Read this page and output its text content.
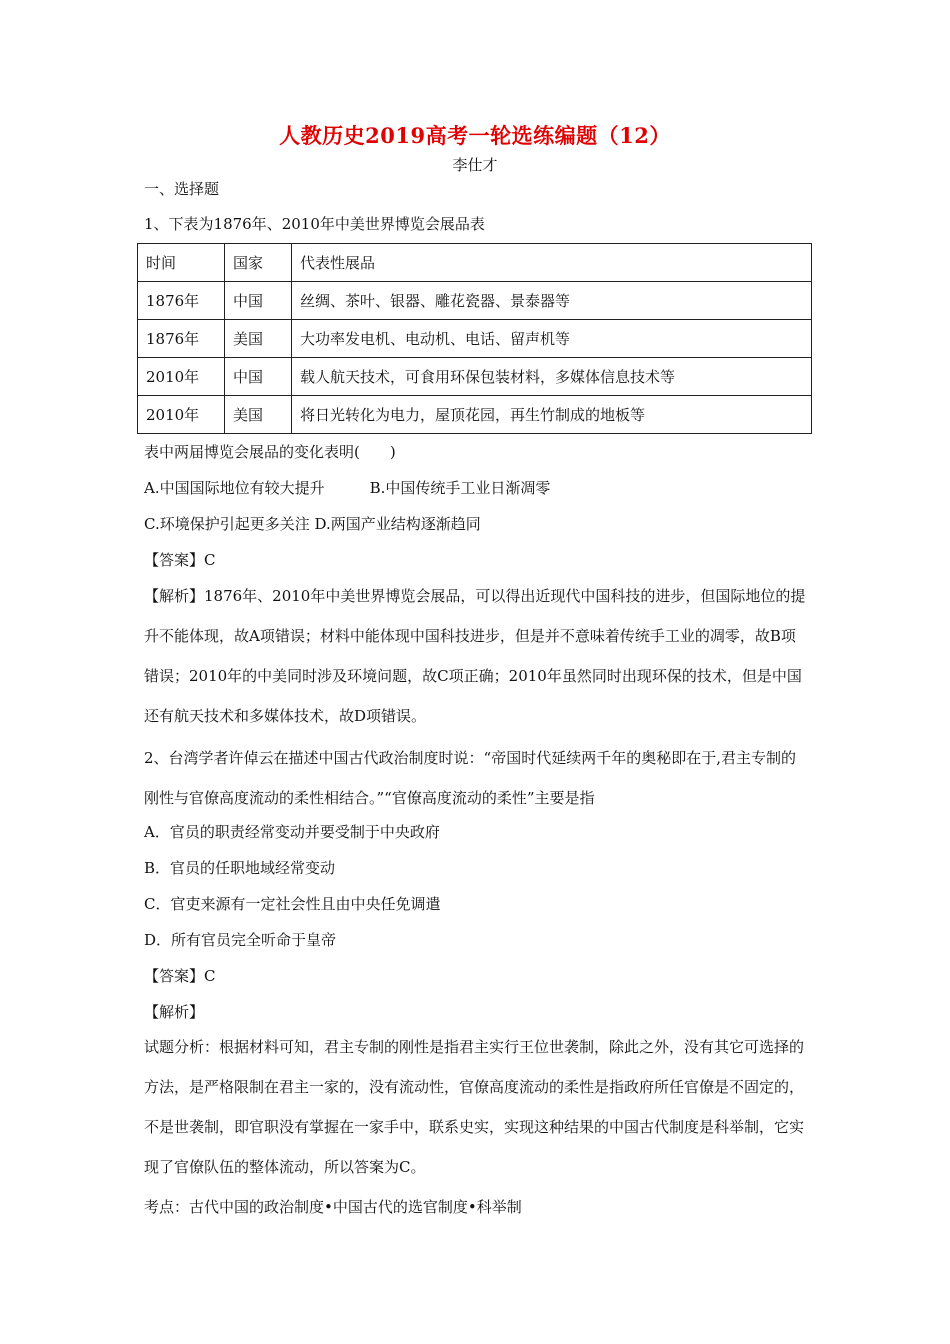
人教历史2019高考一轮选练编题（12）
李仕才
一、选择题
1、下表为1876年、2010年中美世界博览会展品表
时间	国家	代表性展品
1876年	中国	丝绸、茶叶、银器、雕花瓷器、景泰器等
1876年	美国	大功率发电机、电动机、电话、留声机等
2010年	中国	载人航天技术，可食用环保包装材料，多媒体信息技术等
2010年	美国	将日光转化为电力，屋顶花园，再生竹制成的地板等
表中两届博览会展品的变化表明(　　)
A.中国国际地位有较大提升　　　B.中国传统手工业日渐凋零
C.环境保护引起更多关注 D.两国产业结构逐渐趋同
【答案】C
【解析】1876年、2010年中美世界博览会展品，可以得出近现代中国科技的进步，但国际地位的提升不能体现，故A项错误；材料中能体现中国科技进步，但是并不意味着传统手工业的凋零，故B项错误；2010年的中美同时涉及环境问题，故C项正确；2010年虽然同时出现环保的技术，但是中国还有航天技术和多媒体技术，故D项错误。
2、台湾学者许倬云在描述中国古代政治制度时说：“帝国时代延续两千年的奥秘即在于,君主专制的刚性与官僚高度流动的柔性相结合。”“官僚高度流动的柔性”主要是指
A．官员的职责经常变动并要受制于中央政府
B．官员的任职地域经常变动
C．官吏来源有一定社会性且由中央任免调遣
D．所有官员完全听命于皇帝
【答案】C
【解析】
试题分析：根据材料可知，君主专制的刚性是指君主实行王位世袭制，除此之外，没有其它可选择的方法，是严格限制在君主一家的，没有流动性，官僚高度流动的柔性是指政府所任官僚是不固定的，不是世袭制，即官职没有掌握在一家手中，联系史实，实现这种结果的中国古代制度是科举制，它实现了官僚队伍的整体流动，所以答案为C。
考点：古代中国的政治制度•中国古代的选官制度•科举制
